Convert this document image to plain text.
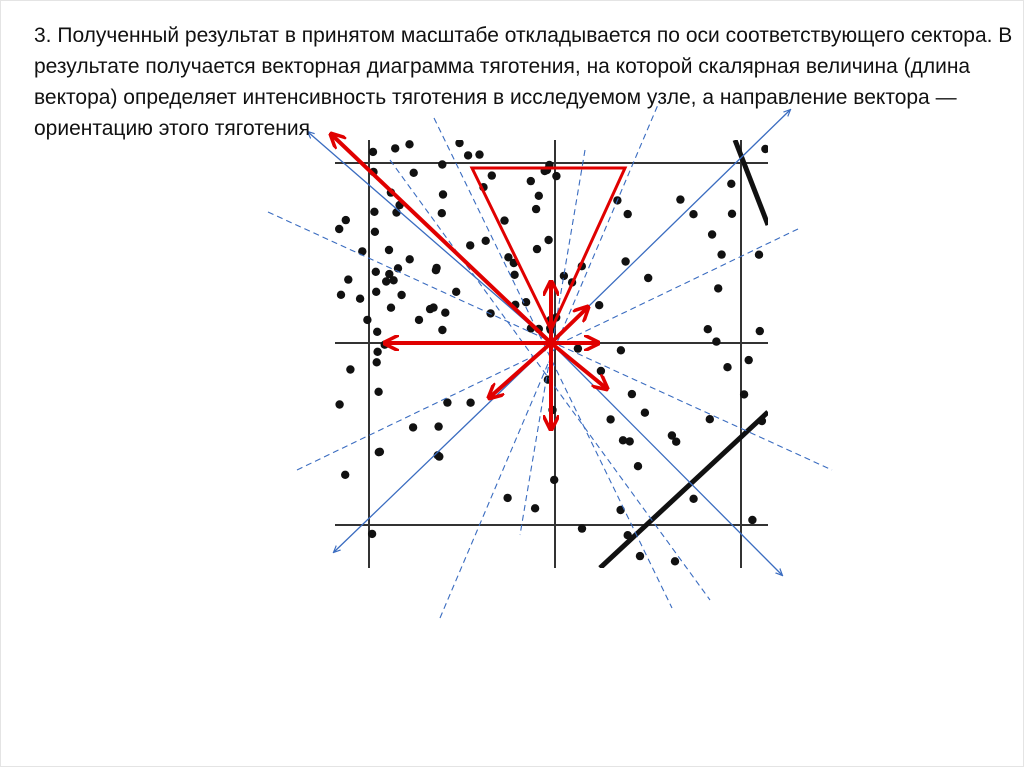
3. Полученный результат в принятом масштабе откладывается по оси соответствующего сектора. В результате получается векторная диаграмма тяготения, на которой скалярная величина (длина вектора) определяет интенсивность тяготения в исследуемом узле, а направление вектора — ориентацию этого тяготения
